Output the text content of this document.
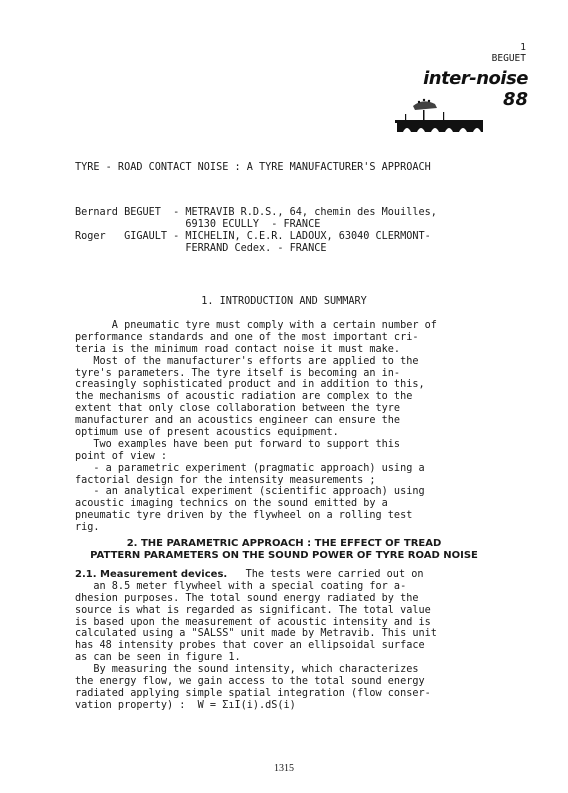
1
BEGUET
inter-noise
88
TYRE - ROAD CONTACT NOISE : A TYRE MANUFACTURER'S APPROACH
Bernard BEGUET  - METRAVIB R.D.S., 64, chemin des Mouilles,
69130 ECULLY  - FRANCE
Roger   GIGAULT - MICHELIN, C.E.R. LADOUX, 63040 CLERMONT-
FERRAND Cedex. - FRANCE
1. INTRODUCTION AND SUMMARY
A pneumatic tyre must comply with a certain number of
performance standards and one of the most important cri-
teria is the minimum road contact noise it must make.
Most of the manufacturer's efforts are applied to the
tyre's parameters. The tyre itself is becoming an in-
creasingly sophisticated product and in addition to this,
the mechanisms of acoustic radiation are complex to the
extent that only close collaboration between the tyre
manufacturer and an acoustics engineer can ensure the
optimum use of present acoustics equipment.
Two examples have been put forward to support this
point of view :
- a parametric experiment (pragmatic approach) using a
factorial design for the intensity measurements ;
- an analytical experiment (scientific approach) using
acoustic imaging technics on the sound emitted by a
pneumatic tyre driven by the flywheel on a rolling test
rig.
2. THE PARAMETRIC APPROACH : THE EFFECT OF TREAD
PATTERN PARAMETERS ON THE SOUND POWER OF TYRE ROAD NOISE
2.1. Measurement devices.   The tests were carried out on
an 8.5 meter flywheel with a special coating for a-
dhesion purposes. The total sound energy radiated by the
source is what is regarded as significant. The total value
is based upon the measurement of acoustic intensity and is
calculated using a "SALSS" unit made by Metravib. This unit
has 48 intensity probes that cover an ellipsoidal surface
as can be seen in figure 1.
By measuring the sound intensity, which characterizes
the energy flow, we gain access to the total sound energy
radiated applying simple spatial integration (flow conser-
vation property) :  W = ΣıI(i).dS(i)
1315
